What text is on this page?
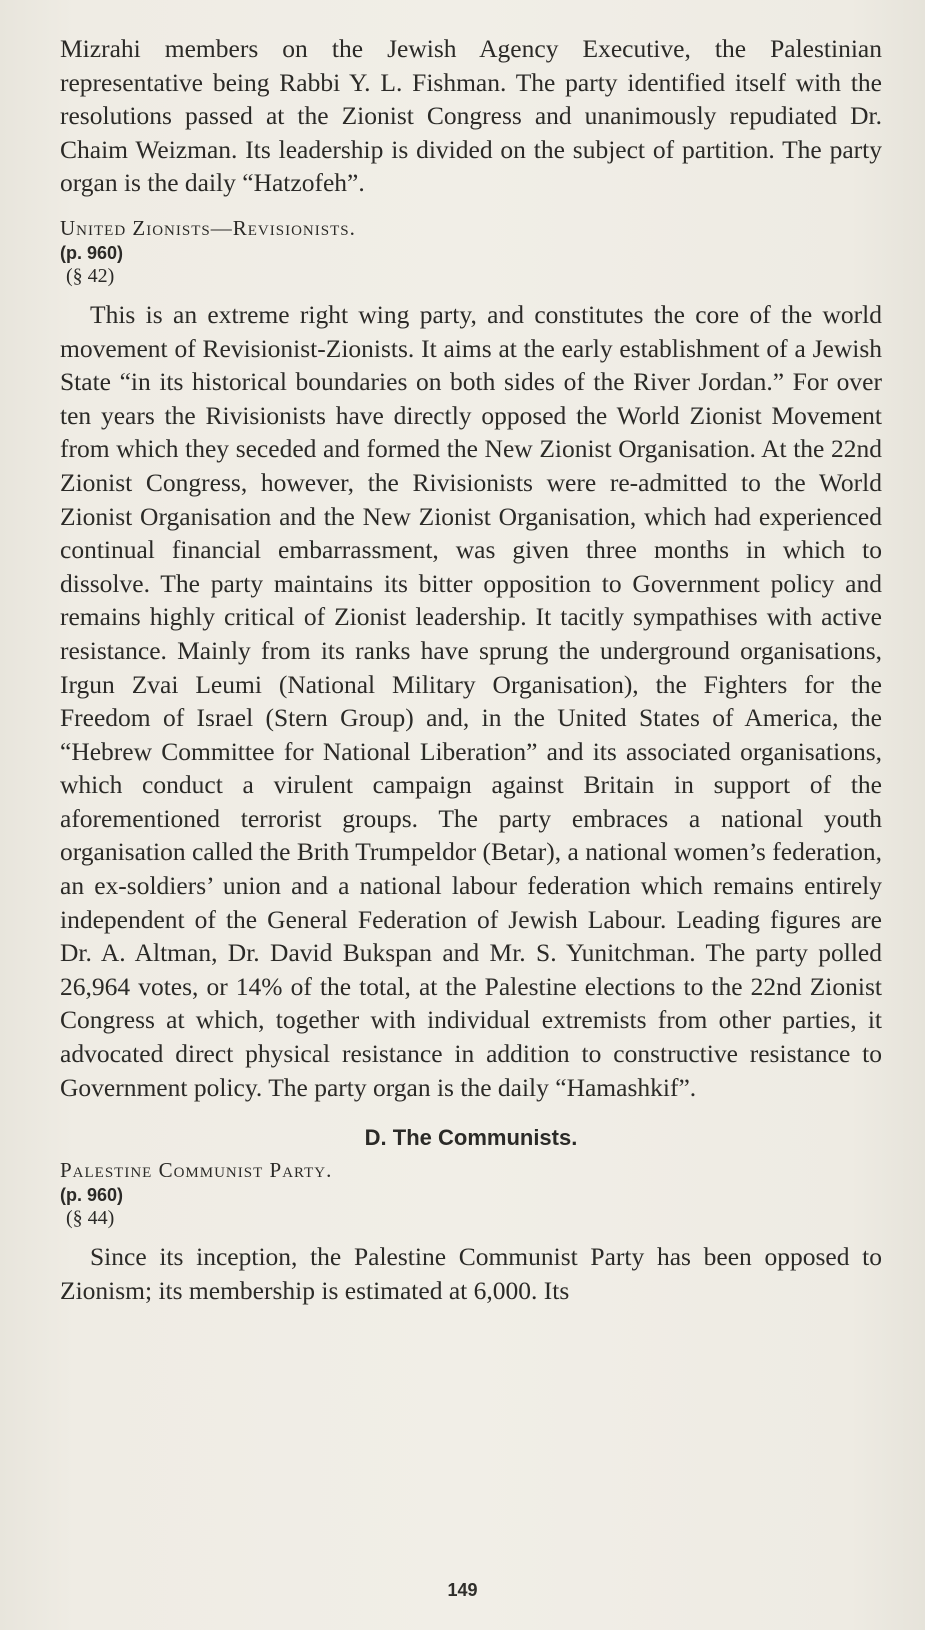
Mizrahi members on the Jewish Agency Executive, the Palestinian representative being Rabbi Y. L. Fishman. The party identified itself with the resolutions passed at the Zionist Congress and unanimously repudiated Dr. Chaim Weizman. Its leadership is divided on the subject of partition. The party organ is the daily “Hatzofeh”.

United Zionists—Revisionists.
(p. 960)
(§ 42)

This is an extreme right wing party, and constitutes the core of the world movement of Revisionist-Zionists. It aims at the early establishment of a Jewish State “in its historical boundaries on both sides of the River Jordan.” For over ten years the Rivisionists have directly opposed the World Zionist Movement from which they seceded and formed the New Zionist Organisation. At the 22nd Zionist Congress, however, the Rivisionists were re-admitted to the World Zionist Organisation and the New Zionist Organisation, which had experienced continual financial embarrassment, was given three months in which to dissolve. The party maintains its bitter opposition to Government policy and remains highly critical of Zionist leadership. It tacitly sympathises with active resistance. Mainly from its ranks have sprung the underground organisations, Irgun Zvai Leumi (National Military Organisation), the Fighters for the Freedom of Israel (Stern Group) and, in the United States of America, the “Hebrew Committee for National Liberation” and its associated organisations, which conduct a virulent campaign against Britain in support of the aforementioned terrorist groups. The party embraces a national youth organisation called the Brith Trumpeldor (Betar), a national women’s federation, an ex-soldiers’ union and a national labour federation which remains entirely independent of the General Federation of Jewish Labour. Leading figures are Dr. A. Altman, Dr. David Bukspan and Mr. S. Yunitchman. The party polled 26,964 votes, or 14% of the total, at the Palestine elections to the 22nd Zionist Congress at which, together with individual extremists from other parties, it advocated direct physical resistance in addition to constructive resistance to Government policy. The party organ is the daily “Hamashkif”.

D. The Communists.
Palestine Communist Party.
(p. 960)
(§ 44)

Since its inception, the Palestine Communist Party has been opposed to Zionism; its membership is estimated at 6,000. Its

149
